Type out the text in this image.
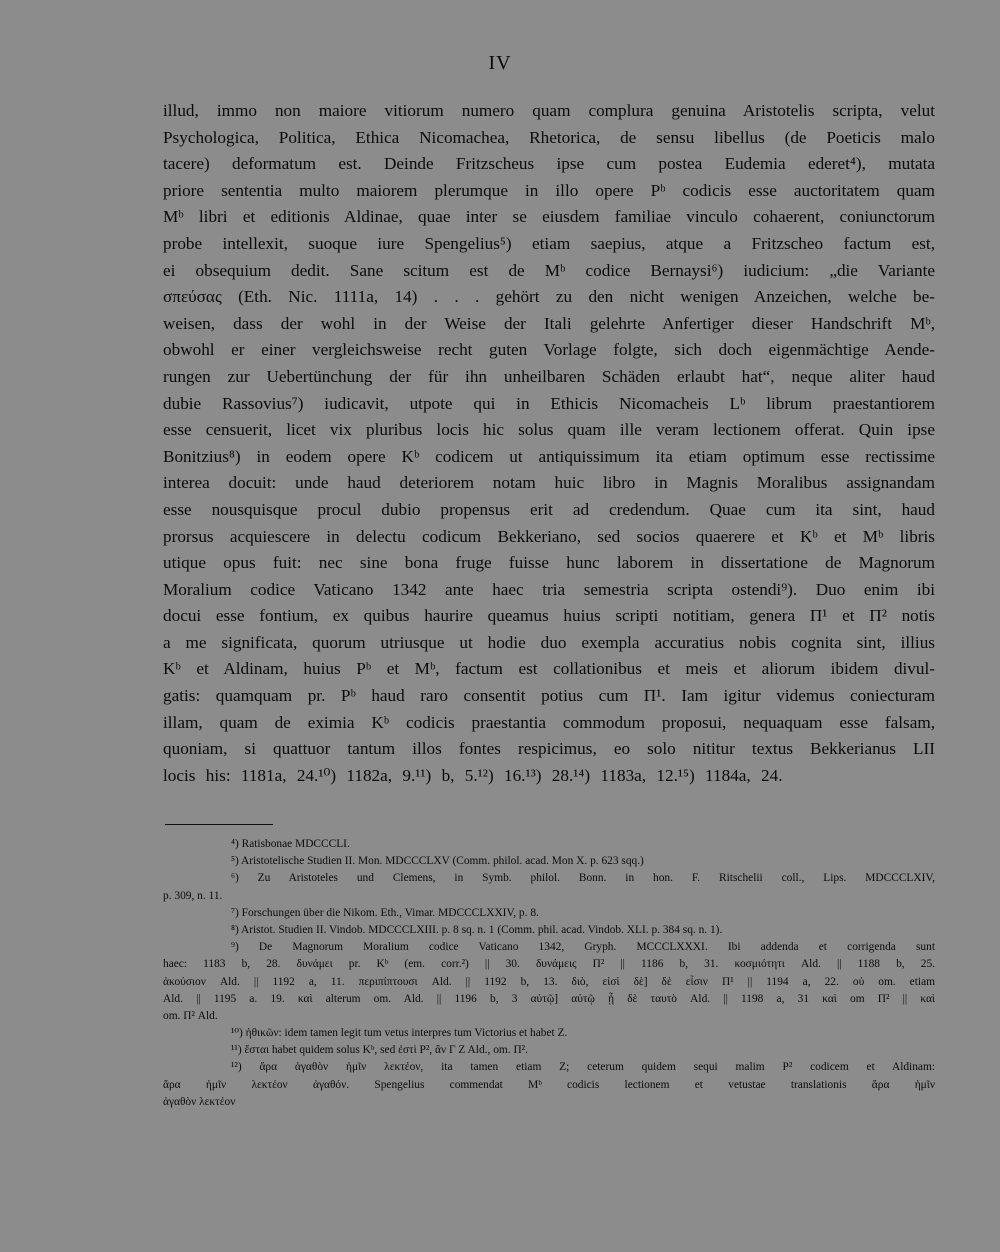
IV
illud, immo non maiore vitiorum numero quam complura genuina Aristotelis scripta, velut
Psychologica, Politica, Ethica Nicomachea, Rhetorica, de sensu libellus (de Poeticis malo
tacere) deformatum est. Deinde Fritzscheus ipse cum postea Eudemia ederet⁴), mutata
priore sententia multo maiorem plerumque in illo opere Pᵇ codicis esse auctoritatem quam
Mᵇ libri et editionis Aldinae, quae inter se eiusdem familiae vinculo cohaerent, coniunctorum
probe intellexit, suoque iure Spengelius⁵) etiam saepius, atque a Fritzscheo factum est,
ei obsequium dedit. Sane scitum est de Mᵇ codice Bernaysi⁶) iudicium: „die Variante
σπεύσας (Eth. Nic. 1111a, 14) . . . gehört zu den nicht wenigen Anzeichen, welche be-
weisen, dass der wohl in der Weise der Itali gelehrte Anfertiger dieser Handschrift Mᵇ,
obwohl er einer vergleichsweise recht guten Vorlage folgte, sich doch eigenmächtige Aende-
rungen zur Uebertünchung der für ihn unheilbaren Schäden erlaubt hat“, neque aliter haud
dubie Rassovius⁷) iudicavit, utpote qui in Ethicis Nicomacheis Lᵇ librum praestantiorem
esse censuerit, licet vix pluribus locis hic solus quam ille veram lectionem offerat. Quin ipse
Bonitzius⁸) in eodem opere Kᵇ codicem ut antiquissimum ita etiam optimum esse rectissime
interea docuit: unde haud deteriorem notam huic libro in Magnis Moralibus assignandam
esse nousquisque procul dubio propensus erit ad credendum. Quae cum ita sint, haud
prorsus acquiescere in delectu codicum Bekkeriano, sed socios quaerere et Kᵇ et Mᵇ libris
utique opus fuit: nec sine bona fruge fuisse hunc laborem in dissertatione de Magnorum
Moralium codice Vaticano 1342 ante haec tria semestria scripta ostendi⁹). Duo enim ibi
docui esse fontium, ex quibus haurire queamus huius scripti notitiam, genera Π¹ et Π² notis
a me significata, quorum utriusque ut hodie duo exempla accuratius nobis cognita sint, illius
Kᵇ et Aldinam, huius Pᵇ et Mᵇ, factum est collationibus et meis et aliorum ibidem divul-
gatis: quamquam pr. Pᵇ haud raro consentit potius cum Π¹. Iam igitur videmus coniecturam
illam, quam de eximia Kᵇ codicis praestantia commodum proposui, nequaquam esse falsam,
quoniam, si quattuor tantum illos fontes respicimus, eo solo nititur textus Bekkerianus LII
locis his: 1181a, 24.¹⁰) 1182a, 9.¹¹) b, 5.¹²) 16.¹³) 28.¹⁴) 1183a, 12.¹⁵) 1184a, 24.
⁴) Ratisbonae MDCCCLI.
⁵) Aristotelische Studien II. Mon. MDCCCLXV (Comm. philol. acad. Mon X. p. 623 sqq.)
⁶) Zu Aristoteles und Clemens, in Symb. philol. Bonn. in hon. F. Ritschelii coll., Lips. MDCCCLXIV,
p. 309, n. 11.
⁷) Forschungen über die Nikom. Eth., Vimar. MDCCCLXXIV, p. 8.
⁸) Aristot. Studien II. Vindob. MDCCCLXIII. p. 8 sq. n. 1 (Comm. phil. acad. Vindob. XLI. p. 384 sq. n. 1).
⁹) De Magnorum Moralium codice Vaticano 1342, Gryph. MCCCLXXXI. Ibi addenda et corrigenda sunt
haec: 1183 b, 28. δυνάμει pr. Kᵇ (em. corr.²) || 30. δυνάμεις Π² || 1186 b, 31. κοσμιότητι Ald. || 1188 b, 25.
ἀκούσιον Ald. || 1192 a, 11. περιπίπτουσι Ald. || 1192 b, 13. διὸ, εἰσὶ δὲ] δὲ εἶσιν Π¹ || 1194 a, 22. οὐ om. etiam
Ald. || 1195 a. 19. καὶ alterum om. Ald. || 1196 b, 3 αὐτῷ] αὐτῷ ᾗ δὲ ταυτὸ Ald. || 1198 a, 31 καὶ om Π² || καὶ
om. Π² Ald.
¹⁰) ἠθικῶν: idem tamen legit tum vetus interpres tum Victorius et habet Z.
¹¹) ἔσται habet quidem solus Kᵇ, sed ἐστὶ P², ἂν Γ Z Ald., om. Π².
¹²) ἄρα ἀγαθὸν ἡμῖν λεκτέον, ita tamen etiam Z; ceterum quidem sequi malim P² codicem et Aldinam:
ἄρα ἡμῖν λεκτέον ἀγαθόν. Spengelius commendat Mᵇ codicis lectionem et vetustae translationis ἄρα ἡμῖν
ἀγαθὸν λεκτέον
